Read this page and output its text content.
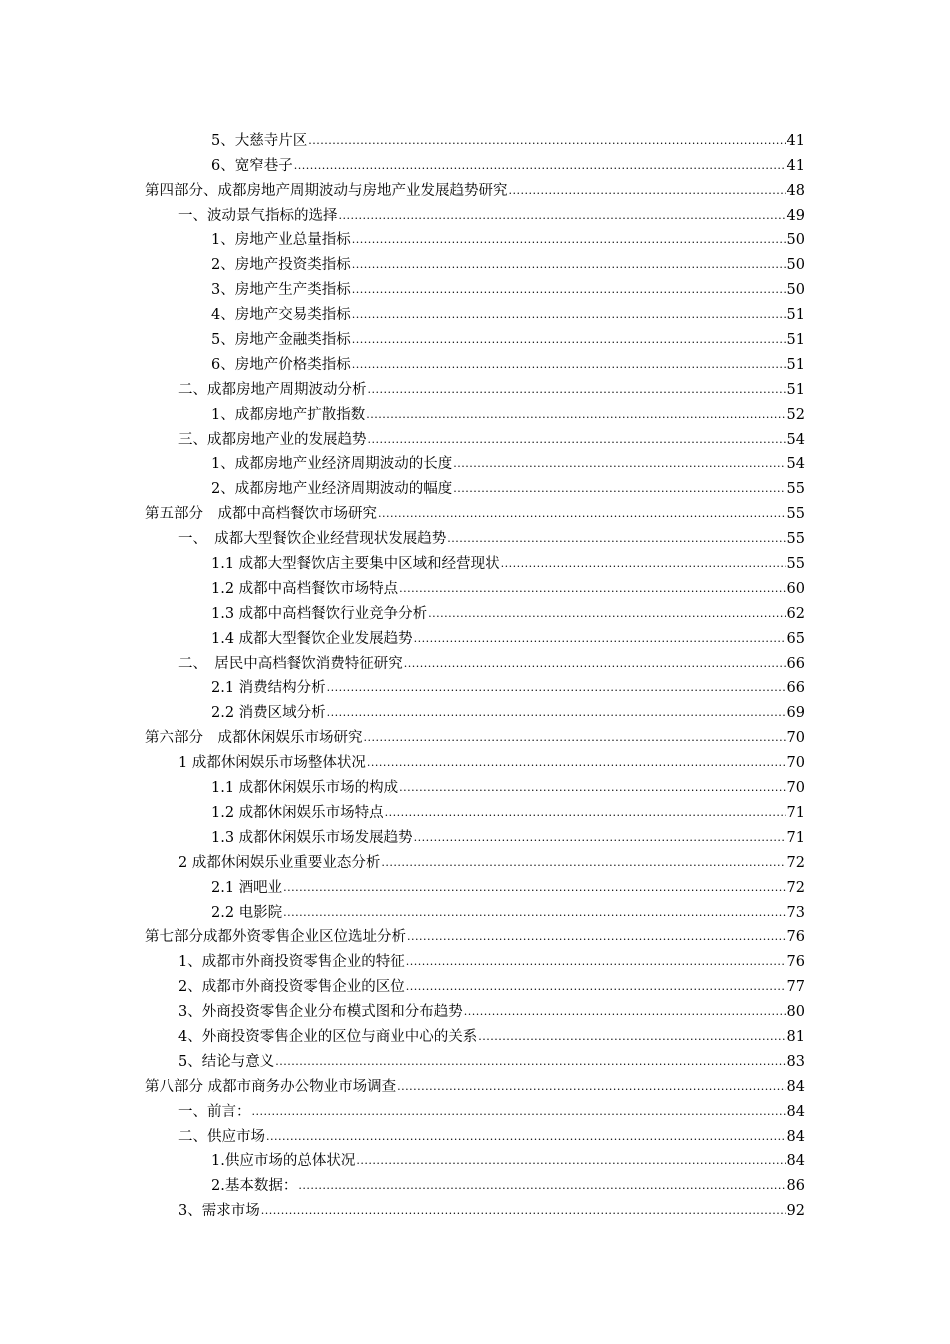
5、大慈寺片区 .....	41
6、宽窄巷子 .....	41
第四部分、成都房地产周期波动与房地产业发展趋势研究 .....	48
一、波动景气指标的选择 .....	49
1、房地产业总量指标 .....	50
2、房地产投资类指标 .....	50
3、房地产生产类指标 .....	50
4、房地产交易类指标 .....	51
5、房地产金融类指标 .....	51
6、房地产价格类指标 .....	51
二、成都房地产周期波动分析 .....	51
1、成都房地产扩散指数 .....	52
三、成都房地产业的发展趋势 .....	54
1、成都房地产业经济周期波动的长度 .....	54
2、成都房地产业经济周期波动的幅度 .....	55
第五部分　成都中高档餐饮市场研究 .....	55
一、　成都大型餐饮企业经营现状发展趋势 .....	55
1.1 成都大型餐饮店主要集中区域和经营现状 .....	55
1.2 成都中高档餐饮市场特点 .....	60
1.3 成都中高档餐饮行业竞争分析 .....	62
1.4 成都大型餐饮企业发展趋势 .....	65
二、　居民中高档餐饮消费特征研究 .....	66
2.1 消费结构分析 .....	66
2.2 消费区域分析 .....	69
第六部分　成都休闲娱乐市场研究 .....	70
1 成都休闲娱乐市场整体状况 .....	70
1.1 成都休闲娱乐市场的构成 .....	70
1.2 成都休闲娱乐市场特点 .....	71
1.3 成都休闲娱乐市场发展趋势 .....	71
2 成都休闲娱乐业重要业态分析 .....	72
2.1 酒吧业 .....	72
2.2 电影院 .....	73
第七部分成都外资零售企业区位选址分析 .....	76
1、成都市外商投资零售企业的特征 .....	76
2、成都市外商投资零售企业的区位 .....	77
3、外商投资零售企业分布模式图和分布趋势 .....	80
4、外商投资零售企业的区位与商业中心的关系 .....	81
5、结论与意义 .....	83
第八部分 成都市商务办公物业市场调查 .....	84
一、前言： .....	84
二、供应市场 .....	84
1.供应市场的总体状况 .....	84
2.基本数据： .....	86
3、需求市场 .....	92
